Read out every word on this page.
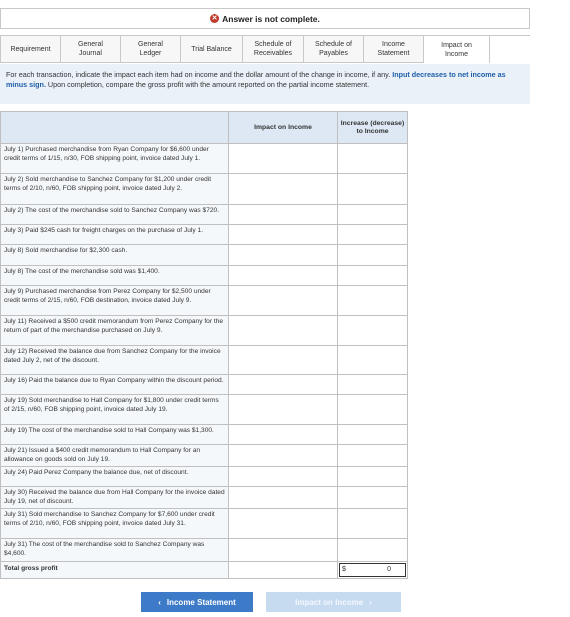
✕ Answer is not complete.
Requirement
General
Journal
General
Ledger
Trial Balance
Schedule of
Receivables
Schedule of
Payables
Income
Statement
Impact on
Income
For each transaction, indicate the impact each item had on income and the dollar amount of the change in income, if any. Input decreases to net income as minus sign. Upon completion, compare the gross profit with the amount reported on the partial income statement.
	Impact on Income	Increase (decrease) to Income
July 1) Purchased merchandise from Ryan Company for $6,600 under credit terms of 1/15, n/30, FOB shipping point, invoice dated July 1.		
July 2) Sold merchandise to Sanchez Company for $1,200 under credit terms of 2/10, n/60, FOB shipping point, invoice dated July 2.		
July 2) The cost of the merchandise sold to Sanchez Company was $720.		
July 3) Paid $245 cash for freight charges on the purchase of July 1.		
July 8) Sold merchandise for $2,300 cash.		
July 8) The cost of the merchandise sold was $1,400.		
July 9) Purchased merchandise from Perez Company for $2,500 under credit terms of 2/15, n/60, FOB destination, invoice dated July 9.		
July 11) Received a $500 credit memorandum from Perez Company for the return of part of the merchandise purchased on July 9.		
July 12) Received the balance due from Sanchez Company for the invoice dated July 2, net of the discount.		
July 16) Paid the balance due to Ryan Company within the discount period.		
July 19) Sold merchandise to Hall Company for $1,800 under credit terms of 2/15, n/60, FOB shipping point, invoice dated July 19.		
July 19) The cost of the merchandise sold to Hall Company was $1,300.		
July 21) Issued a $400 credit memorandum to Hall Company for an allowance on goods sold on July 19.		
July 24) Paid Perez Company the balance due, net of discount.		
July 30) Received the balance due from Hall Company for the invoice dated July 19, net of discount.		
July 31) Sold merchandise to Sanchez Company for $7,600 under credit terms of 2/10, n/60, FOB shipping point, invoice dated July 31.		
July 31) The cost of the merchandise sold to Sanchez Company was $4,600.		
Total gross profit		$ 0
‹ Income Statement	Impact on Income ›
